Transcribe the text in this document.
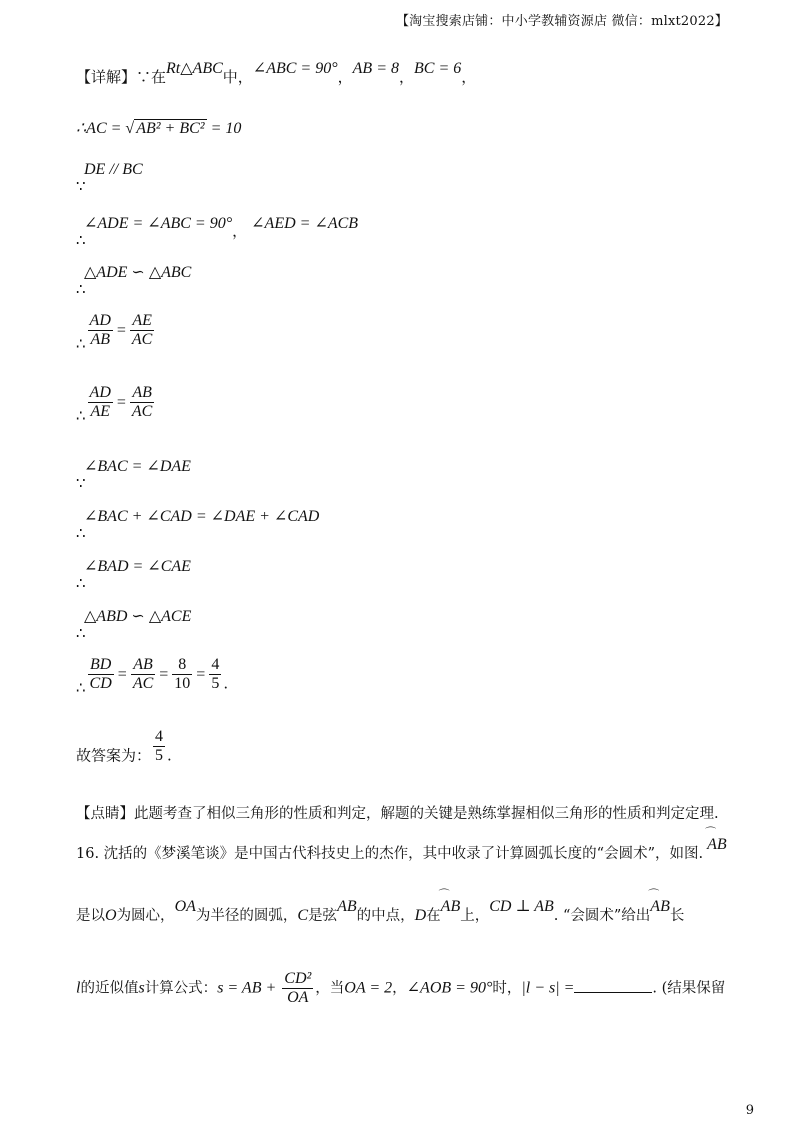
【淘宝搜索店铺：中小学教辅资源店 微信：mlxt2022】
【详解】∵在Rt△ABC中，∠ABC = 90°，AB = 8，BC = 6，
∴AC = √ AB² + BC² = 10
DE // BC
∵
∠ADE = ∠ABC = 90°， ∠AED = ∠ACB
∴
△ADE ∽ △ABC
∴
∴ $\frac{AD}{AB} = \frac{AE}{AC}$
∴ $\frac{AD}{AE} = \frac{AB}{AC}$
∠BAC = ∠DAE
∵
∠BAC + ∠CAD = ∠DAE + ∠CAD
∴
∠BAD = ∠CAE
∴
△ABD ∽ △ACE
∴
∴ $\frac{BD}{CD} = \frac{AB}{AC} = \frac{8}{10} = \frac{4}{5}$ .
故答案为： $\frac{4}{5}$ .
【点睛】此题考查了相似三角形的性质和判定，解题的关键是熟练掌握相似三角形的性质和判定定理.
16. 沈括的《梦溪笔谈》是中国古代科技史上的杰作，其中收录了计算圆弧长度的“会圆术”，如图.
⌒
AB
是以O为圆心，OA为半径的圆弧，C是弦AB的中点，D在
⌒
AB上，CD ⊥ AB. “会圆术”给出
⌒
AB长
l的近似值s计算公式：s = AB + $\frac{\text{CD²}}{OA}$ ，当OA = 2，∠AOB = 90°时，|l − s| =	. (结果保留
9
